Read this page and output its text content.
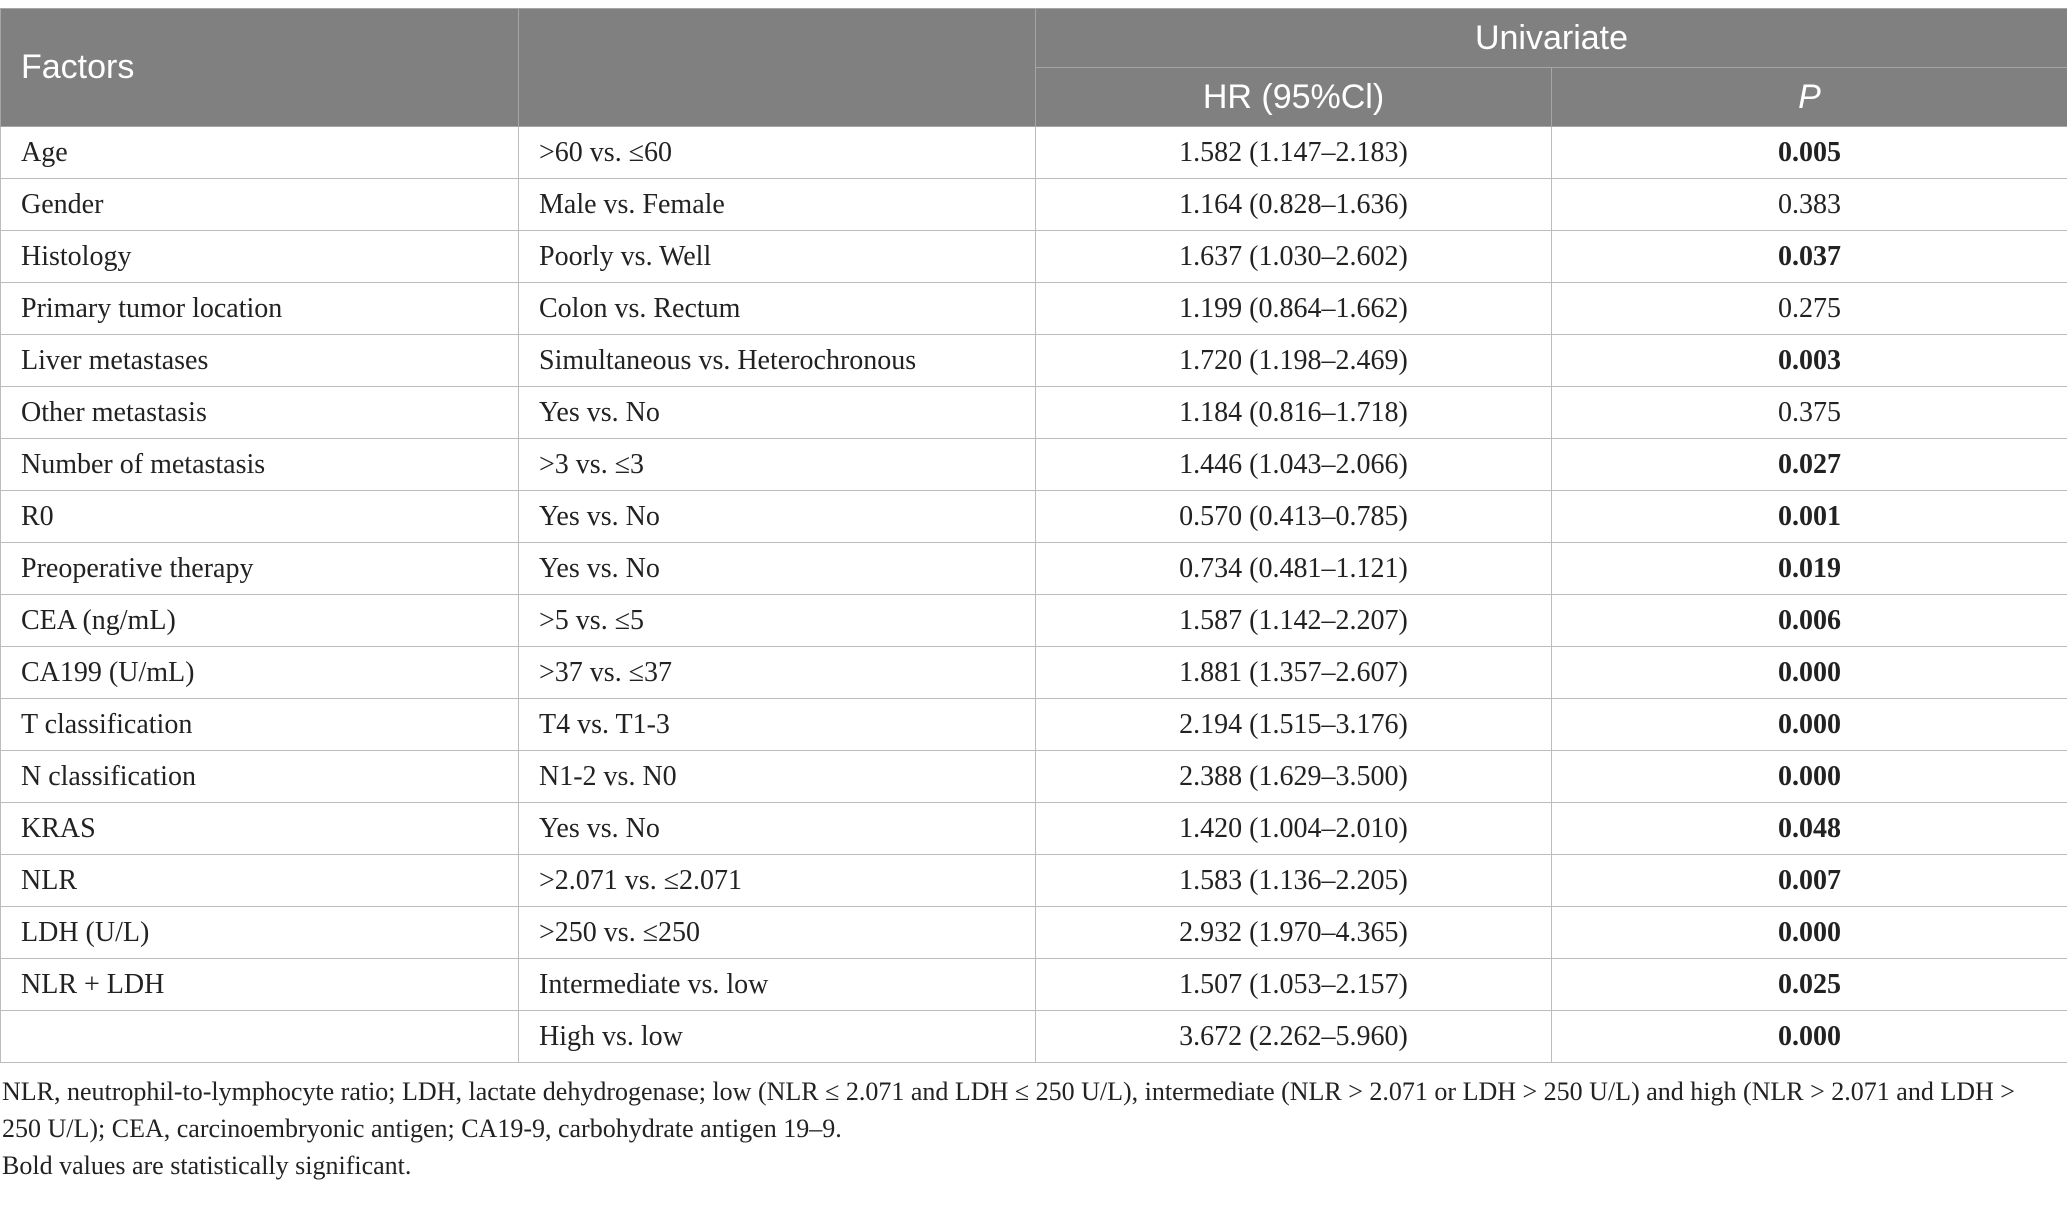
Factors		Univariate	
		HR (95%Cl)	P
Age	>60 vs. ≤60	1.582 (1.147–2.183)	0.005
Gender	Male vs. Female	1.164 (0.828–1.636)	0.383
Histology	Poorly vs. Well	1.637 (1.030–2.602)	0.037
Primary tumor location	Colon vs. Rectum	1.199 (0.864–1.662)	0.275
Liver metastases	Simultaneous vs. Heterochronous	1.720 (1.198–2.469)	0.003
Other metastasis	Yes vs. No	1.184 (0.816–1.718)	0.375
Number of metastasis	>3 vs. ≤3	1.446 (1.043–2.066)	0.027
R0	Yes vs. No	0.570 (0.413–0.785)	0.001
Preoperative therapy	Yes vs. No	0.734 (0.481–1.121)	0.019
CEA (ng/mL)	>5 vs. ≤5	1.587 (1.142–2.207)	0.006
CA199 (U/mL)	>37 vs. ≤37	1.881 (1.357–2.607)	0.000
T classification	T4 vs. T1-3	2.194 (1.515–3.176)	0.000
N classification	N1-2 vs. N0	2.388 (1.629–3.500)	0.000
KRAS	Yes vs. No	1.420 (1.004–2.010)	0.048
NLR	>2.071 vs. ≤2.071	1.583 (1.136–2.205)	0.007
LDH (U/L)	>250 vs. ≤250	2.932 (1.970–4.365)	0.000
NLR + LDH	Intermediate vs. low	1.507 (1.053–2.157)	0.025
	High vs. low	3.672 (2.262–5.960)	0.000

NLR, neutrophil-to-lymphocyte ratio; LDH, lactate dehydrogenase; low (NLR ≤ 2.071 and LDH ≤ 250 U/L), intermediate (NLR > 2.071 or LDH > 250 U/L) and high (NLR > 2.071 and LDH > 250 U/L); CEA, carcinoembryonic antigen; CA19-9, carbohydrate antigen 19–9.

Bold values are statistically significant.
